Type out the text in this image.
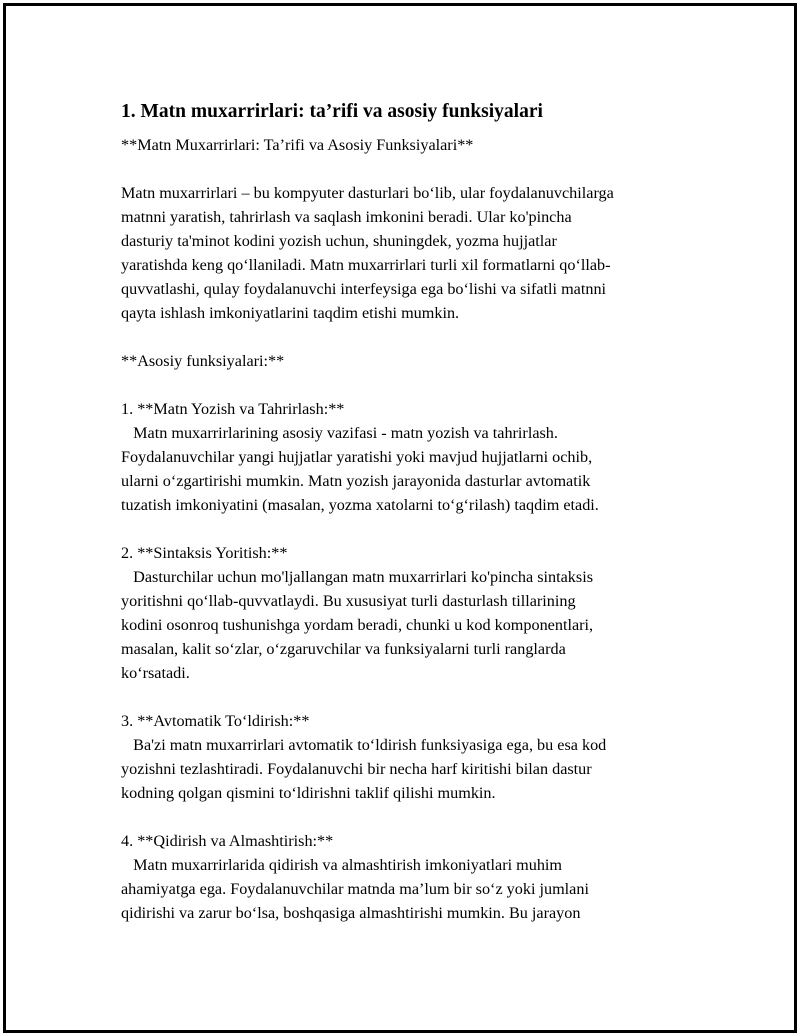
1. Matn muxarrirlari: ta’rifi va asosiy funksiyalari

**Matn Muxarrirlari: Ta’rifi va Asosiy Funksiyalari**

Matn muxarrirlari – bu kompyuter dasturlari bo‘lib, ular foydalanuvchilarga
matnni yaratish, tahrirlash va saqlash imkonini beradi. Ular ko'pincha
dasturiy ta'minot kodini yozish uchun, shuningdek, yozma hujjatlar
yaratishda keng qo‘llaniladi. Matn muxarrirlari turli xil formatlarni qo‘llab-
quvvatlashi, qulay foydalanuvchi interfeysiga ega bo‘lishi va sifatli matnni
qayta ishlash imkoniyatlarini taqdim etishi mumkin.

**Asosiy funksiyalari:**

1. **Matn Yozish va Tahrirlash:**

Matn muxarrirlarining asosiy vazifasi - matn yozish va tahrirlash.
Foydalanuvchilar yangi hujjatlar yaratishi yoki mavjud hujjatlarni ochib,
ularni o‘zgartirishi mumkin. Matn yozish jarayonida dasturlar avtomatik
tuzatish imkoniyatini (masalan, yozma xatolarni to‘g‘rilash) taqdim etadi.

2. **Sintaksis Yoritish:**

Dasturchilar uchun mo'ljallangan matn muxarrirlari ko'pincha sintaksis
yoritishni qo‘llab-quvvatlaydi. Bu xususiyat turli dasturlash tillarining
kodini osonroq tushunishga yordam beradi, chunki u kod komponentlari,
masalan, kalit so‘zlar, o‘zgaruvchilar va funksiyalarni turli ranglarda
ko‘rsatadi.

3. **Avtomatik To‘ldirish:**

Ba'zi matn muxarrirlari avtomatik to‘ldirish funksiyasiga ega, bu esa kod
yozishni tezlashtiradi. Foydalanuvchi bir necha harf kiritishi bilan dastur
kodning qolgan qismini to‘ldirishni taklif qilishi mumkin.

4. **Qidirish va Almashtirish:**

Matn muxarrirlarida qidirish va almashtirish imkoniyatlari muhim
ahamiyatga ega. Foydalanuvchilar matnda ma’lum bir so‘z yoki jumlani
qidirishi va zarur bo‘lsa, boshqasiga almashtirishi mumkin. Bu jarayon
